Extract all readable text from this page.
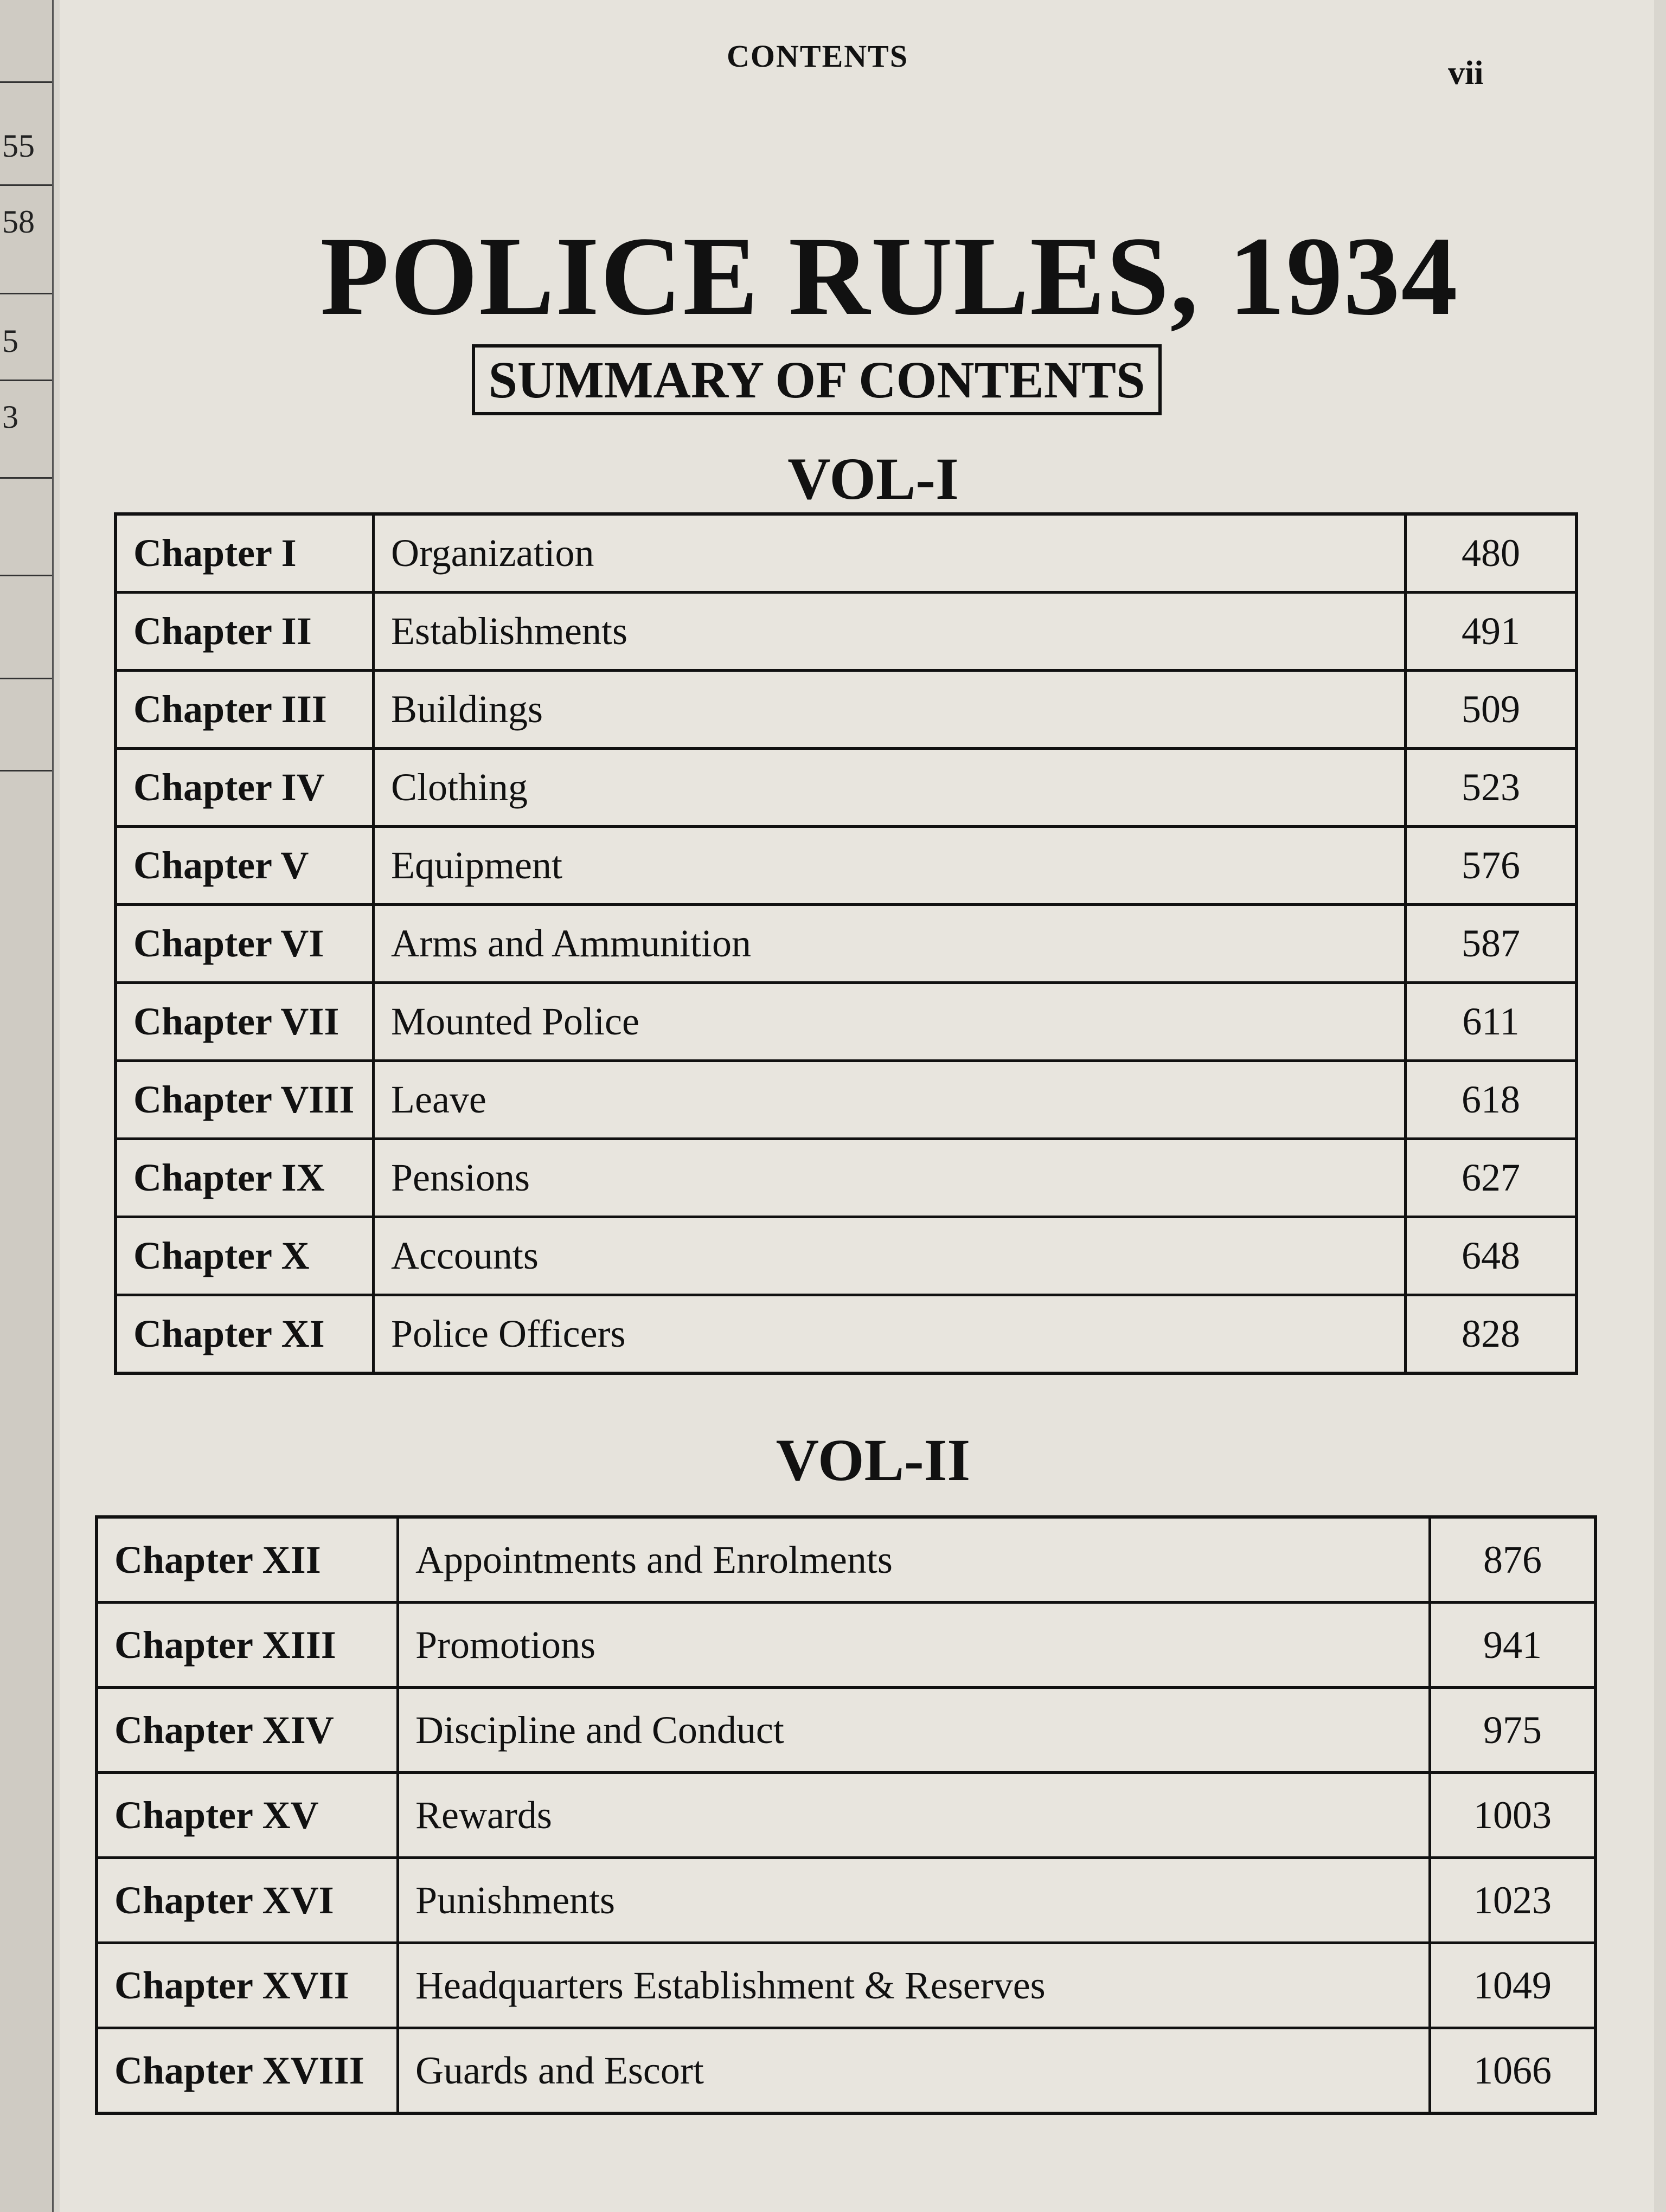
55
58
5
3
CONTENTS	vii
POLICE RULES, 1934
SUMMARY OF CONTENTS
VOL-I
Chapter I	Organization	480
Chapter II	Establishments	491
Chapter III	Buildings	509
Chapter IV	Clothing	523
Chapter V	Equipment	576
Chapter VI	Arms and Ammunition	587
Chapter VII	Mounted Police	611
Chapter VIII	Leave	618
Chapter IX	Pensions	627
Chapter X	Accounts	648
Chapter XI	Police Officers	828
VOL-II
Chapter XII	Appointments and Enrolments	876
Chapter XIII	Promotions	941
Chapter XIV	Discipline and Conduct	975
Chapter XV	Rewards	1003
Chapter XVI	Punishments	1023
Chapter XVII	Headquarters Establishment & Reserves	1049
Chapter XVIII	Guards and Escort	1066
